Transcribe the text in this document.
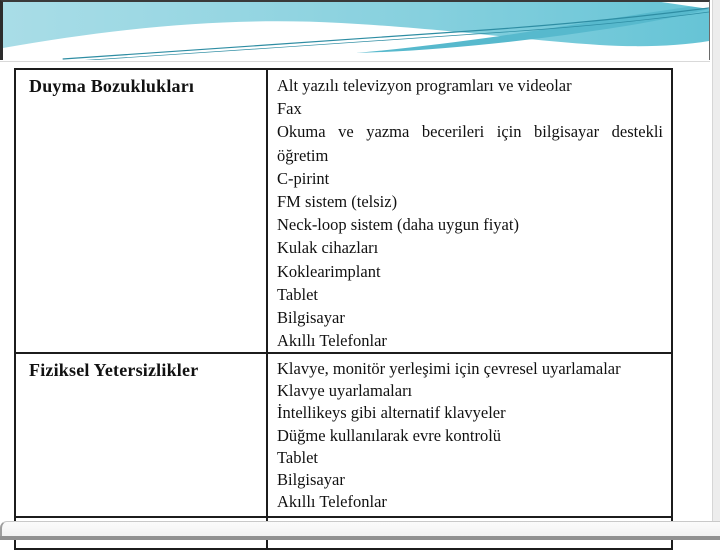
Duyma Bozuklukları	Alt yazılı televizyon programları ve videolar
Fax
Okuma ve yazma becerileri için bilgisayar destekli öğretim
C-pirint
FM sistem (telsiz)
Neck-loop sistem (daha uygun fiyat)
Kulak cihazları
Koklearimplant
Tablet
Bilgisayar
Akıllı Telefonlar
Fiziksel Yetersizlikler	Klavye, monitör yerleşimi için çevresel uyarlamalar
Klavye uyarlamaları
İntellikeys gibi alternatif klavyeler
Düğme kullanılarak evre kontrolü
Tablet
Bilgisayar
Akıllı Telefonlar
